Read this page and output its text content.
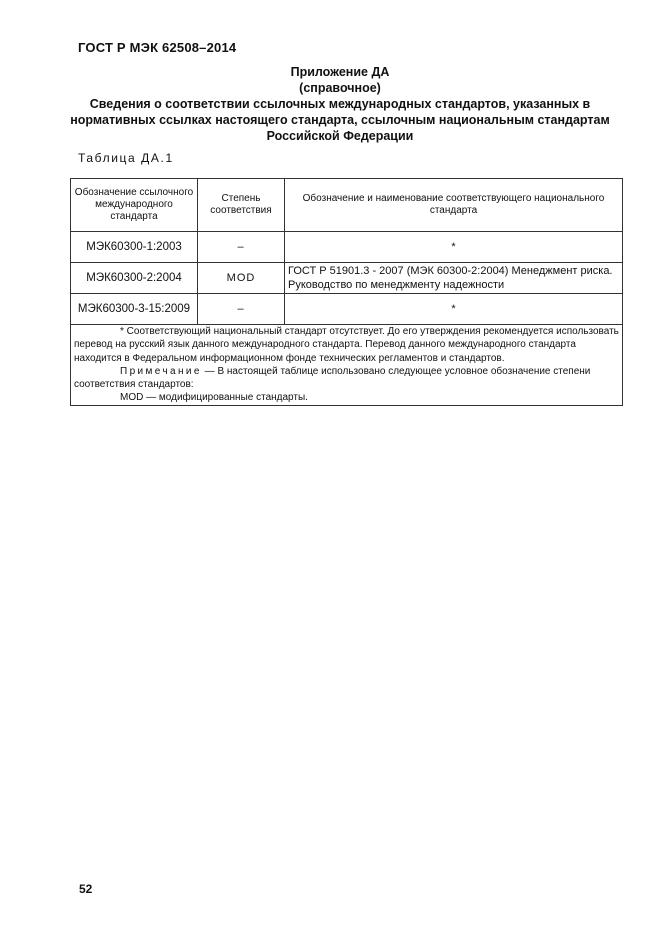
ГОСТ Р МЭК 62508–2014
Приложение ДА
(справочное)
Сведения о соответствии ссылочных международных стандартов, указанных в
нормативных ссылках настоящего стандарта, ссылочным национальным стандартам
Российской Федерации
Таблица ДА.1
Обозначение ссылочного международного стандарта	Степень соответствия	Обозначение и наименование соответствующего национального стандарта
МЭК60300-1:2003	–	*
МЭК60300-2:2004	MOD	ГОСТ Р 51901.3 - 2007 (МЭК 60300-2:2004) Менеджмент риска. Руководство по менеджменту надежности
МЭК60300-3-15:2009	–	*

* Соответствующий национальный стандарт отсутствует. До его утверждения рекомендуется использовать перевод на русский язык данного международного стандарта. Перевод данного международного стандарта находится в Федеральном информационном фонде технических регламентов и стандартов.
Примечание — В настоящей таблице использовано следующее условное обозначение степени соответствия стандартов:
MOD — модифицированные стандарты.		
52
